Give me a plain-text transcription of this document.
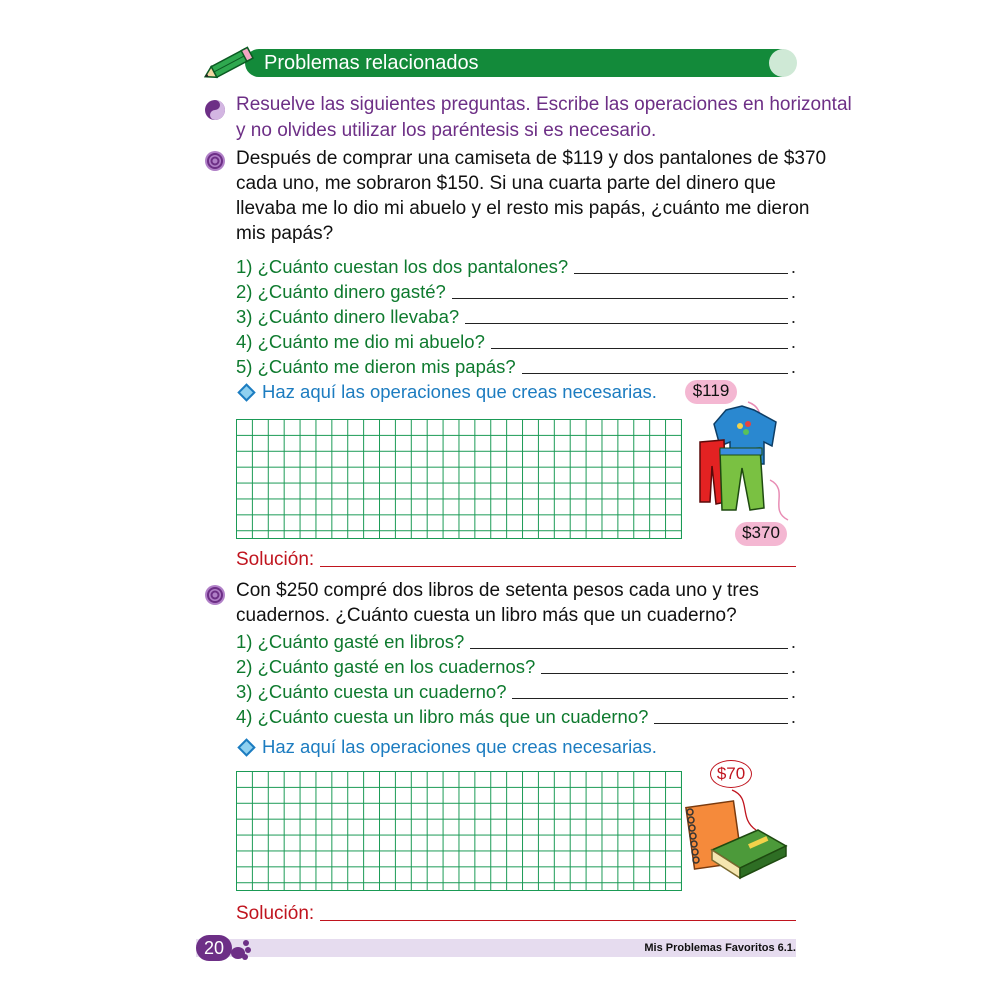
Problemas relacionados
Resuelve las siguientes preguntas. Escribe las operaciones en horizontal
y no olvides utilizar los paréntesis si es necesario.
Después de comprar una camiseta de $119 y dos pantalones de $370
cada uno, me sobraron $150. Si una cuarta parte del dinero que
llevaba me lo dio mi abuelo y el resto mis papás, ¿cuánto me dieron
mis papás?
1) ¿Cuánto cuestan los dos pantalones?	.
2) ¿Cuánto dinero gasté?	.
3) ¿Cuánto dinero llevaba?	.
4) ¿Cuánto me dio mi abuelo?	.
5) ¿Cuánto me dieron mis papás?	.
Haz aquí las operaciones que creas necesarias.	$119
$370
Solución:
Con $250 compré dos libros de setenta pesos cada uno y tres
cuadernos. ¿Cuánto cuesta un libro más que un cuaderno?
1) ¿Cuánto gasté en libros?	.
2) ¿Cuánto gasté en los cuadernos?	.
3) ¿Cuánto cuesta un cuaderno?	.
4) ¿Cuánto cuesta un libro más que un cuaderno?	.
Haz aquí las operaciones que creas necesarias.
$70
Solución:
20	Mis Problemas Favoritos 6.1.
